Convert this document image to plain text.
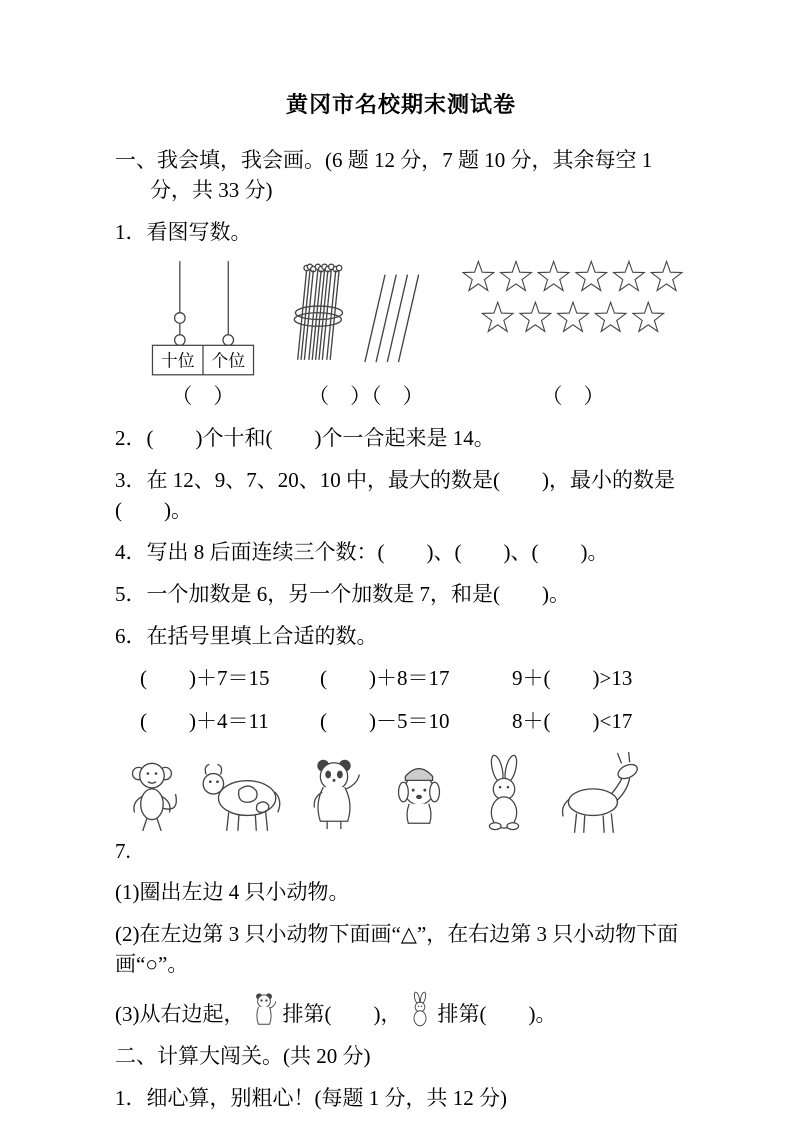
黄冈市名校期末测试卷

一、我会填，我会画。(6 题 12 分，7 题 10 分，其余每空 1 分，共 33 分)

1．看图写数。

十位 个位
（　）	（　）（　）	（　）

2．(　　)个十和(　　)个一合起来是 14。

3．在 12、9、7、20、10 中，最大的数是(　　)，最小的数是(　　)。

4．写出 8 后面连续三个数：(　　)、(　　)、(　　)。

5．一个加数是 6，另一个加数是 7，和是(　　)。

6．在括号里填上合适的数。

(　　)＋7＝15	(　　)＋8＝17	9＋(　　)>13
(　　)＋4＝11	(　　)－5＝10	8＋(　　)<17

7.

(1)圈出左边 4 只小动物。

(2)在左边第 3 只小动物下面画“△”，在右边第 3 只小动物下面画“○”。

(3)从右边起， 排第(　　)， 排第(　　)。

二、计算大闯关。(共 20 分)

1．细心算，别粗心！(每题 1 分，共 12 分)
